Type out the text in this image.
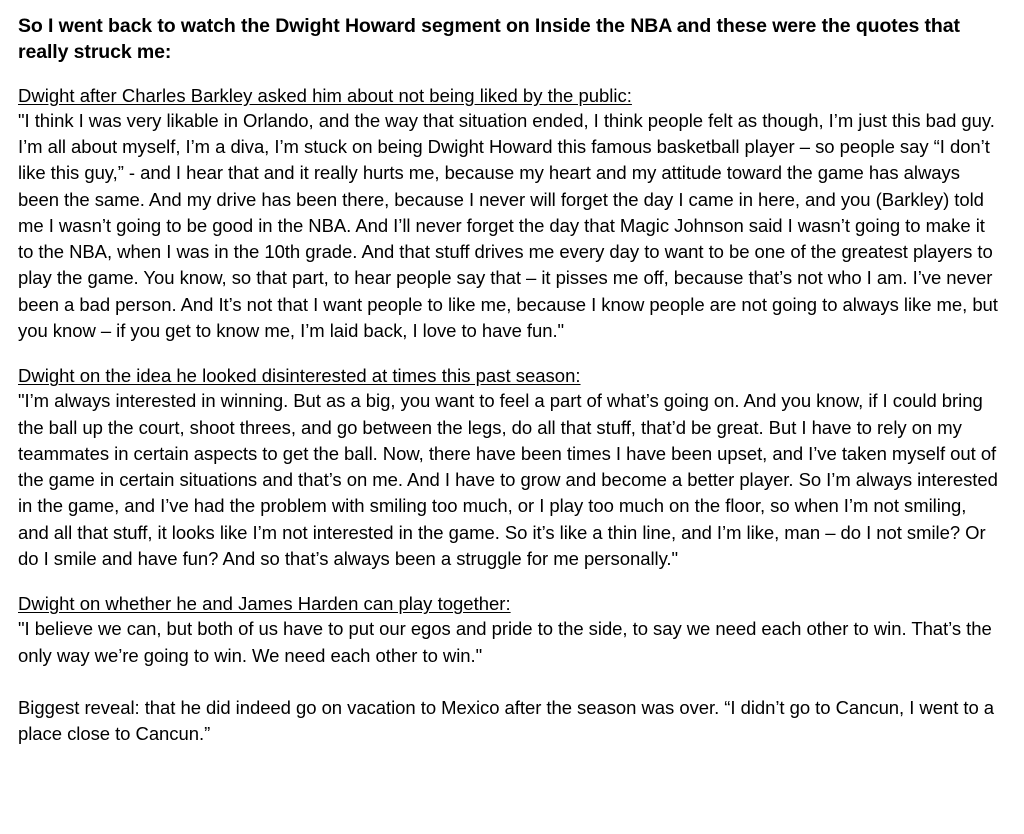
So I went back to watch the Dwight Howard segment on Inside the NBA and these were the quotes that really struck me:

Dwight after Charles Barkley asked him about not being liked by the public:

"I think I was very likable in Orlando, and the way that situation ended, I think people felt as though, I’m just this bad guy. I’m all about myself, I’m a diva, I’m stuck on being Dwight Howard this famous basketball player – so people say “I don’t like this guy,” - and I hear that and it really hurts me, because my heart and my attitude toward the game has always been the same. And my drive has been there, because I never will forget the day I came in here, and you (Barkley) told me I wasn’t going to be good in the NBA. And I’ll never forget the day that Magic Johnson said I wasn’t going to make it to the NBA, when I was in the 10th grade. And that stuff drives me every day to want to be one of the greatest players to play the game. You know, so that part, to hear people say that – it pisses me off, because that’s not who I am. I’ve never been a bad person. And It’s not that I want people to like me, because I know people are not going to always like me, but you know – if you get to know me, I’m laid back, I love to have fun."

Dwight on the idea he looked disinterested at times this past season:

"I’m always interested in winning. But as a big, you want to feel a part of what’s going on. And you know, if I could bring the ball up the court, shoot threes, and go between the legs, do all that stuff, that’d be great. But I have to rely on my teammates in certain aspects to get the ball. Now, there have been times I have been upset, and I’ve taken myself out of the game in certain situations and that’s on me. And I have to grow and become a better player. So I’m always interested in the game, and I’ve had the problem with smiling too much, or I play too much on the floor, so when I’m not smiling, and all that stuff, it looks like I’m not interested in the game. So it’s like a thin line, and I’m like, man – do I not smile? Or do I smile and have fun? And so that’s always been a struggle for me personally."

Dwight on whether he and James Harden can play together:

"I believe we can, but both of us have to put our egos and pride to the side, to say we need each other to win. That’s the only way we’re going to win. We need each other to win."

Biggest reveal: that he did indeed go on vacation to Mexico after the season was over. “I didn’t go to Cancun, I went to a place close to Cancun.”
